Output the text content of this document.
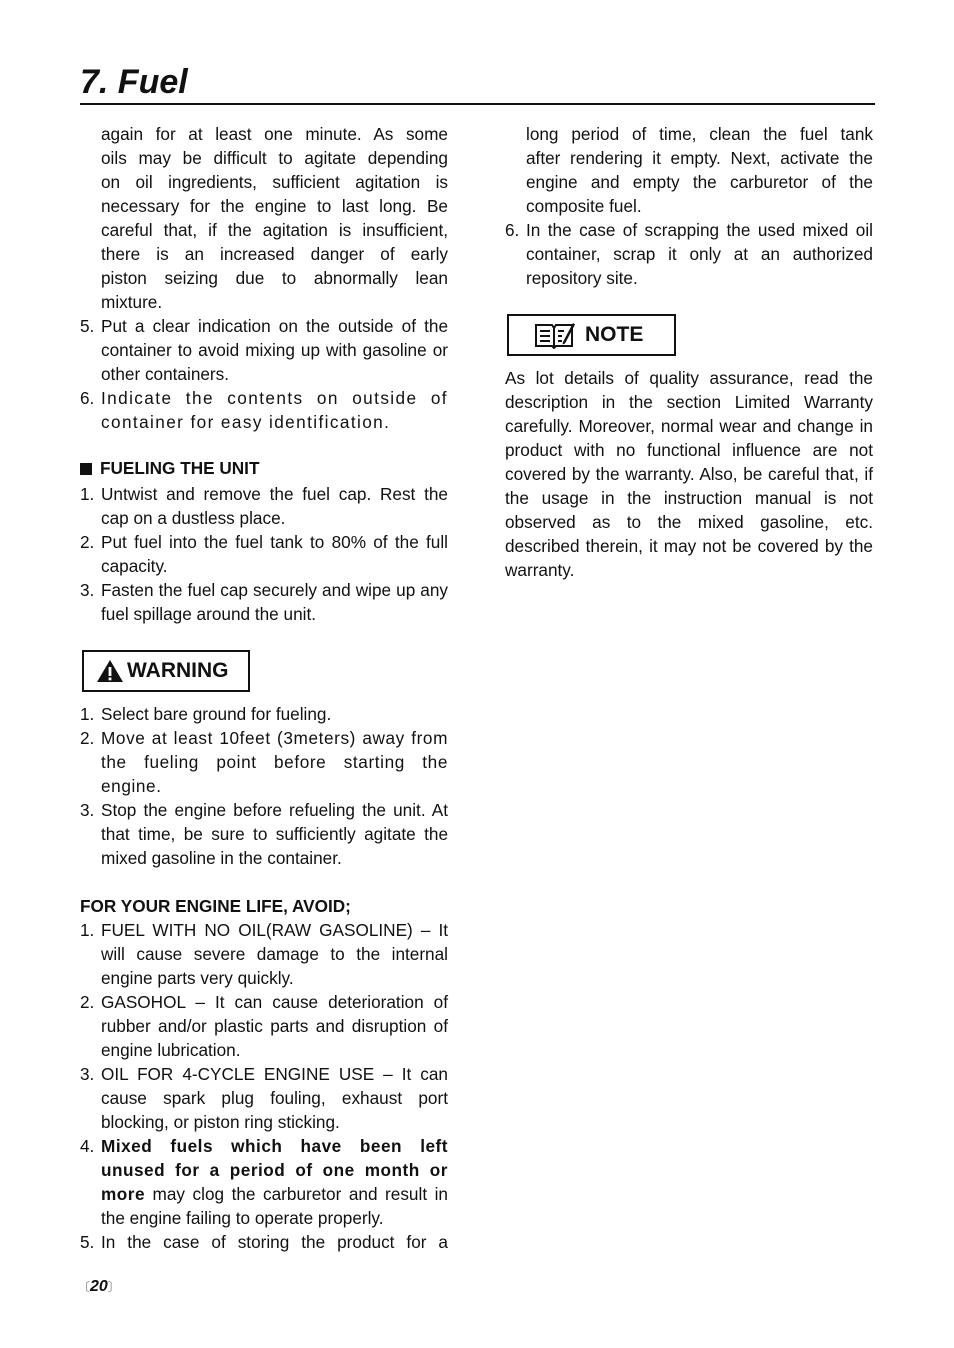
7. Fuel
again for at least one minute. As some
oils may be difficult to agitate depending
on oil ingredients, sufficient agitation is
necessary for the engine to last long. Be
careful that, if the agitation is insufficient,
there is an increased danger of early
piston seizing due to abnormally lean
mixture.
5. Put a clear indication on the outside of the container to avoid mixing up with gasoline or other containers.
6. Indicate the contents on outside of container for easy identification.
FUELING THE UNIT
1. Untwist and remove the fuel cap. Rest the cap on a dustless place.
2. Put fuel into the fuel tank to 80% of the full capacity.
3. Fasten the fuel cap securely and wipe up any fuel spillage around the unit.
WARNING
1. Select bare ground for fueling.
2. Move at least 10feet (3meters) away from the fueling point before starting the engine.
3. Stop the engine before refueling the unit. At that time, be sure to sufficiently agitate the mixed gasoline in the container.
FOR YOUR ENGINE LIFE, AVOID;
1. FUEL WITH NO OIL(RAW GASOLINE) – It will cause severe damage to the internal engine parts very quickly.
2. GASOHOL – It can cause deterioration of rubber and/or plastic parts and disruption of engine lubrication.
3. OIL FOR 4-CYCLE ENGINE USE – It can cause spark plug fouling, exhaust port blocking, or piston ring sticking.
4. Mixed fuels which have been left unused for a period of one month or more may clog the carburetor and result in the engine failing to operate properly.
5. In the case of storing the product for a
long period of time, clean the fuel tank
after rendering it empty. Next, activate the
engine and empty the carburetor of the
composite fuel.
6. In the case of scrapping the used mixed oil container, scrap it only at an authorized repository site.
NOTE
As lot details of quality assurance, read the description in the section Limited Warranty carefully. Moreover, normal wear and change in product with no functional influence are not covered by the warranty. Also, be careful that, if the usage in the instruction manual is not observed as to the mixed gasoline, etc. described therein, it may not be covered by the warranty.
〔20〕
